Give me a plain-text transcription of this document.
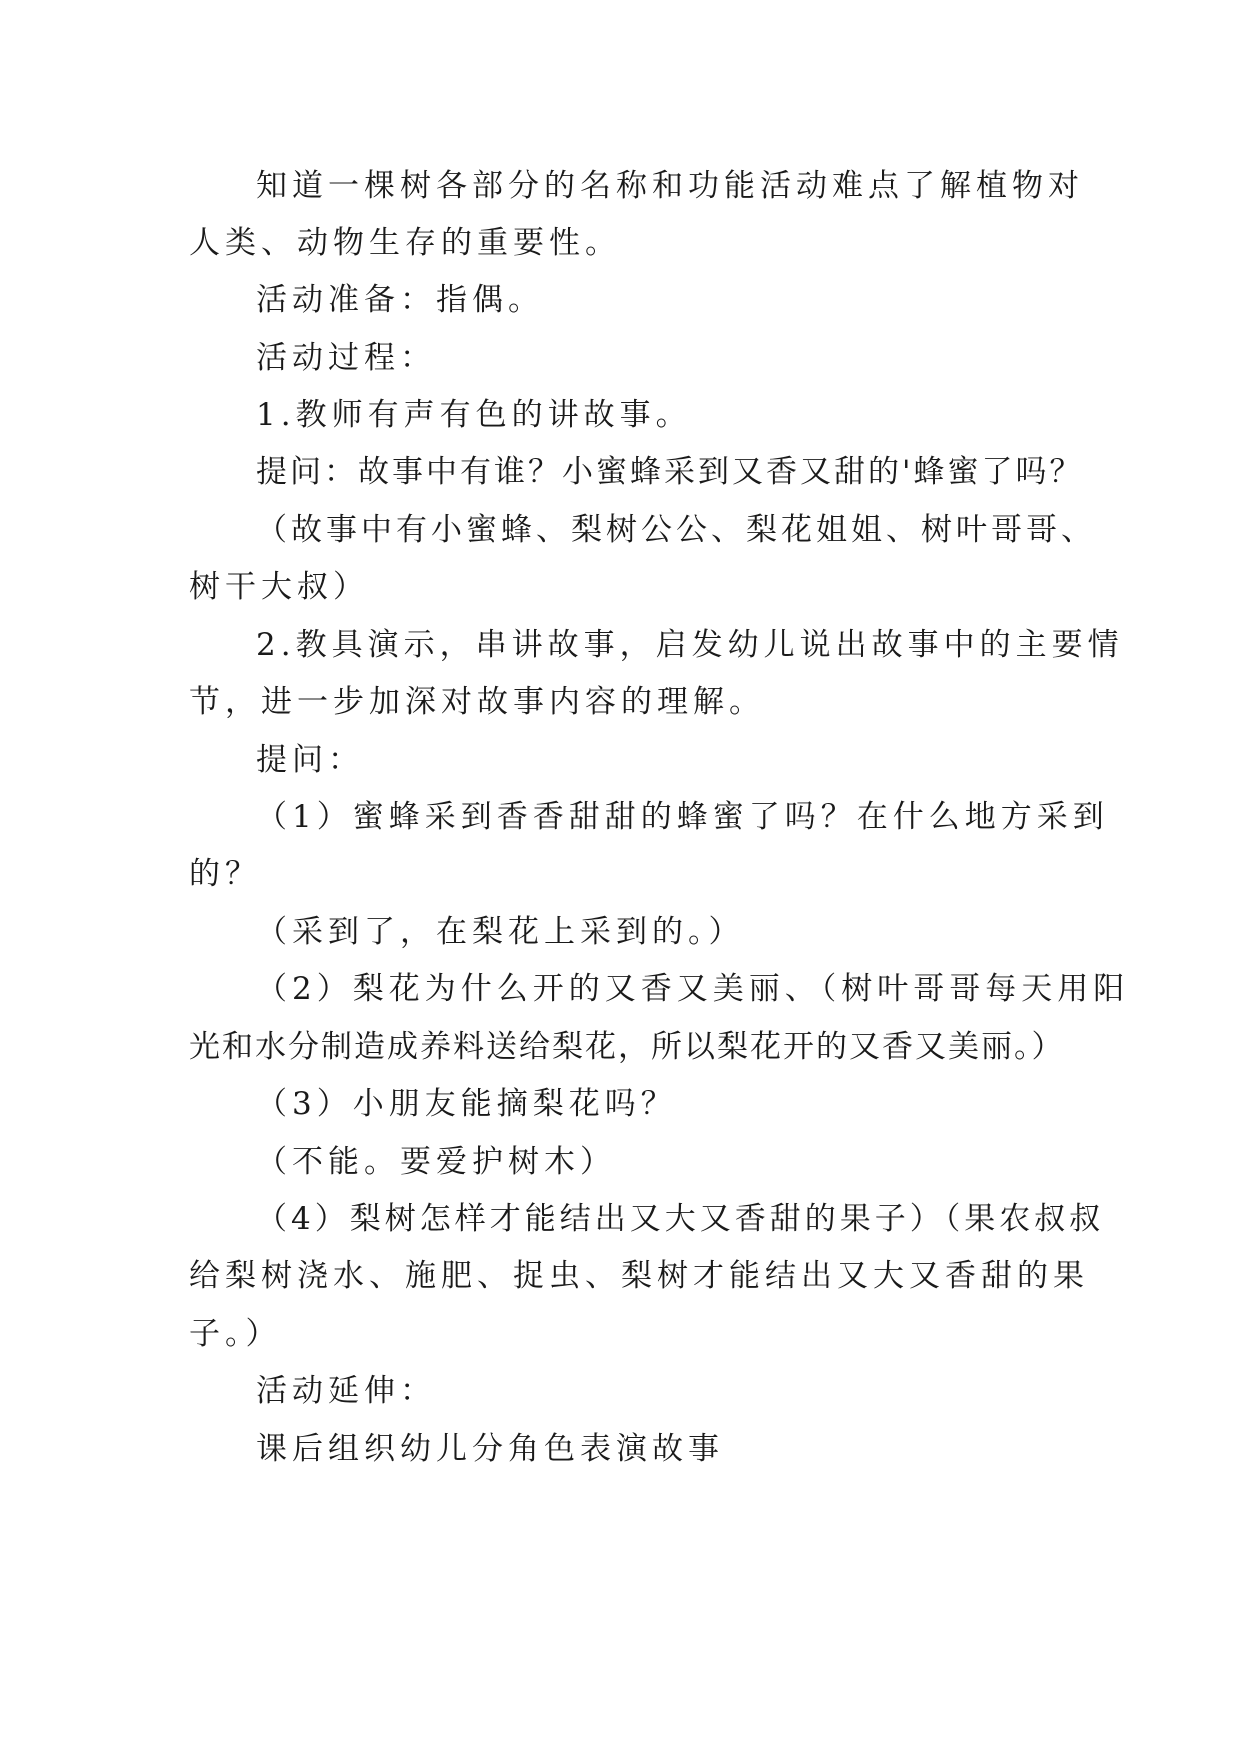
知道一棵树各部分的名称和功能活动难点了解植物对
人类、动物生存的重要性。
活动准备：指偶。
活动过程：
1.教师有声有色的讲故事。
提问：故事中有谁？小蜜蜂采到又香又甜的'蜂蜜了吗？
（故事中有小蜜蜂、梨树公公、梨花姐姐、树叶哥哥、
树干大叔）
2.教具演示，串讲故事，启发幼儿说出故事中的主要情
节，进一步加深对故事内容的理解。
提问：
（1）蜜蜂采到香香甜甜的蜂蜜了吗？在什么地方采到
的？
（采到了，在梨花上采到的。）
（2）梨花为什么开的又香又美丽、（树叶哥哥每天用阳
光和水分制造成养料送给梨花，所以梨花开的又香又美丽。）
（3）小朋友能摘梨花吗？
（不能。要爱护树木）
（4）梨树怎样才能结出又大又香甜的果子）（果农叔叔
给梨树浇水、施肥、捉虫、梨树才能结出又大又香甜的果
子。）
活动延伸：
课后组织幼儿分角色表演故事
